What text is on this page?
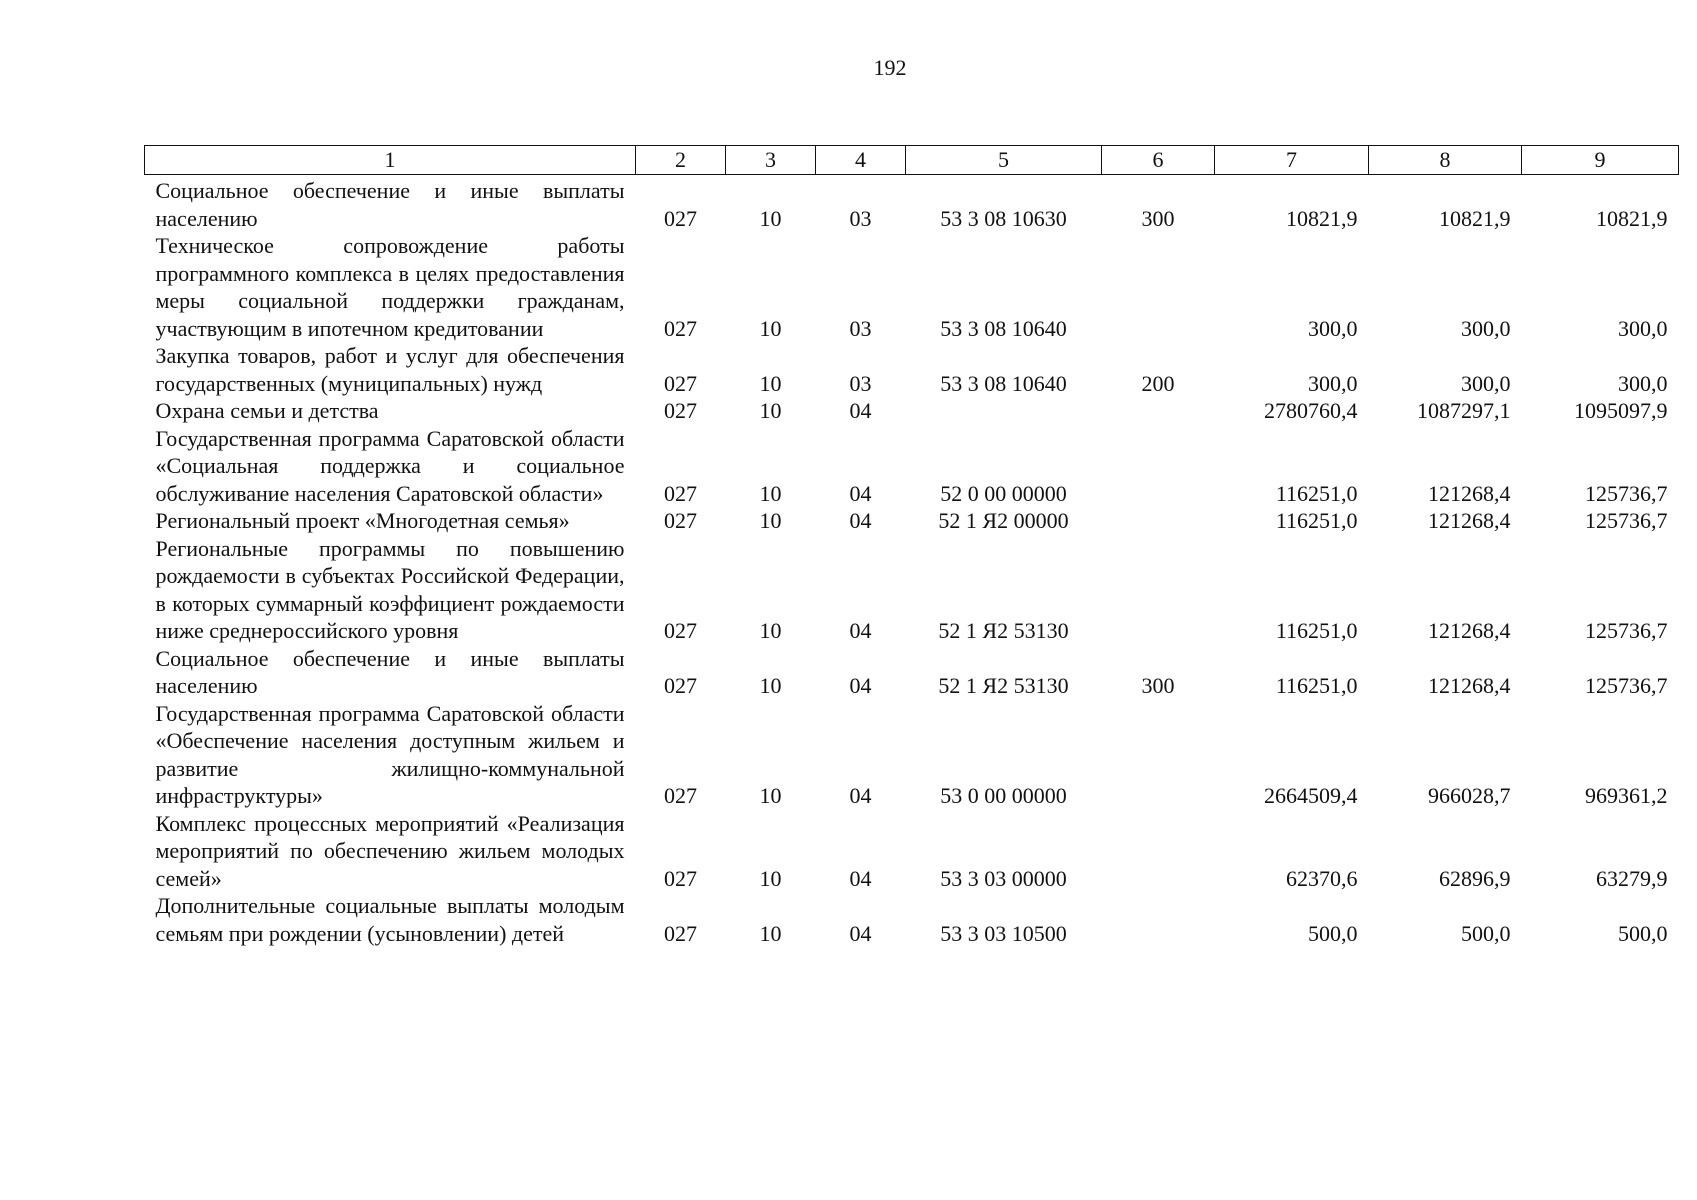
192
1	2	3	4	5	6	7	8	9
Социальное обеспечение и иные выплаты населению	027	10	03	53 3 08 10630	300	10821,9	10821,9	10821,9
Техническое сопровождение работы программного комплекса в целях предоставления меры социальной поддержки гражданам, участвующим в ипотечном кредитовании	027	10	03	53 3 08 10640		300,0	300,0	300,0
Закупка товаров, работ и услуг для обеспечения государственных (муниципальных) нужд	027	10	03	53 3 08 10640	200	300,0	300,0	300,0
Охрана семьи и детства	027	10	04			2780760,4	1087297,1	1095097,9
Государственная программа Саратовской области «Социальная поддержка и социальное обслуживание населения Саратовской области»	027	10	04	52 0 00 00000		116251,0	121268,4	125736,7
Региональный проект «Многодетная семья»	027	10	04	52 1 Я2 00000		116251,0	121268,4	125736,7
Региональные программы по повышению рождаемости в субъектах Российской Федерации, в которых суммарный коэффициент рождаемости ниже среднероссийского уровня	027	10	04	52 1 Я2 53130		116251,0	121268,4	125736,7
Социальное обеспечение и иные выплаты населению	027	10	04	52 1 Я2 53130	300	116251,0	121268,4	125736,7
Государственная программа Саратовской области «Обеспечение населения доступным жильем и развитие жилищно-коммунальной инфраструктуры»	027	10	04	53 0 00 00000		2664509,4	966028,7	969361,2
Комплекс процессных мероприятий «Реализация мероприятий по обеспечению жильем молодых семей»	027	10	04	53 3 03 00000		62370,6	62896,9	63279,9
Дополнительные социальные выплаты молодым семьям при рождении (усыновлении) детей	027	10	04	53 3 03 10500		500,0	500,0	500,0
